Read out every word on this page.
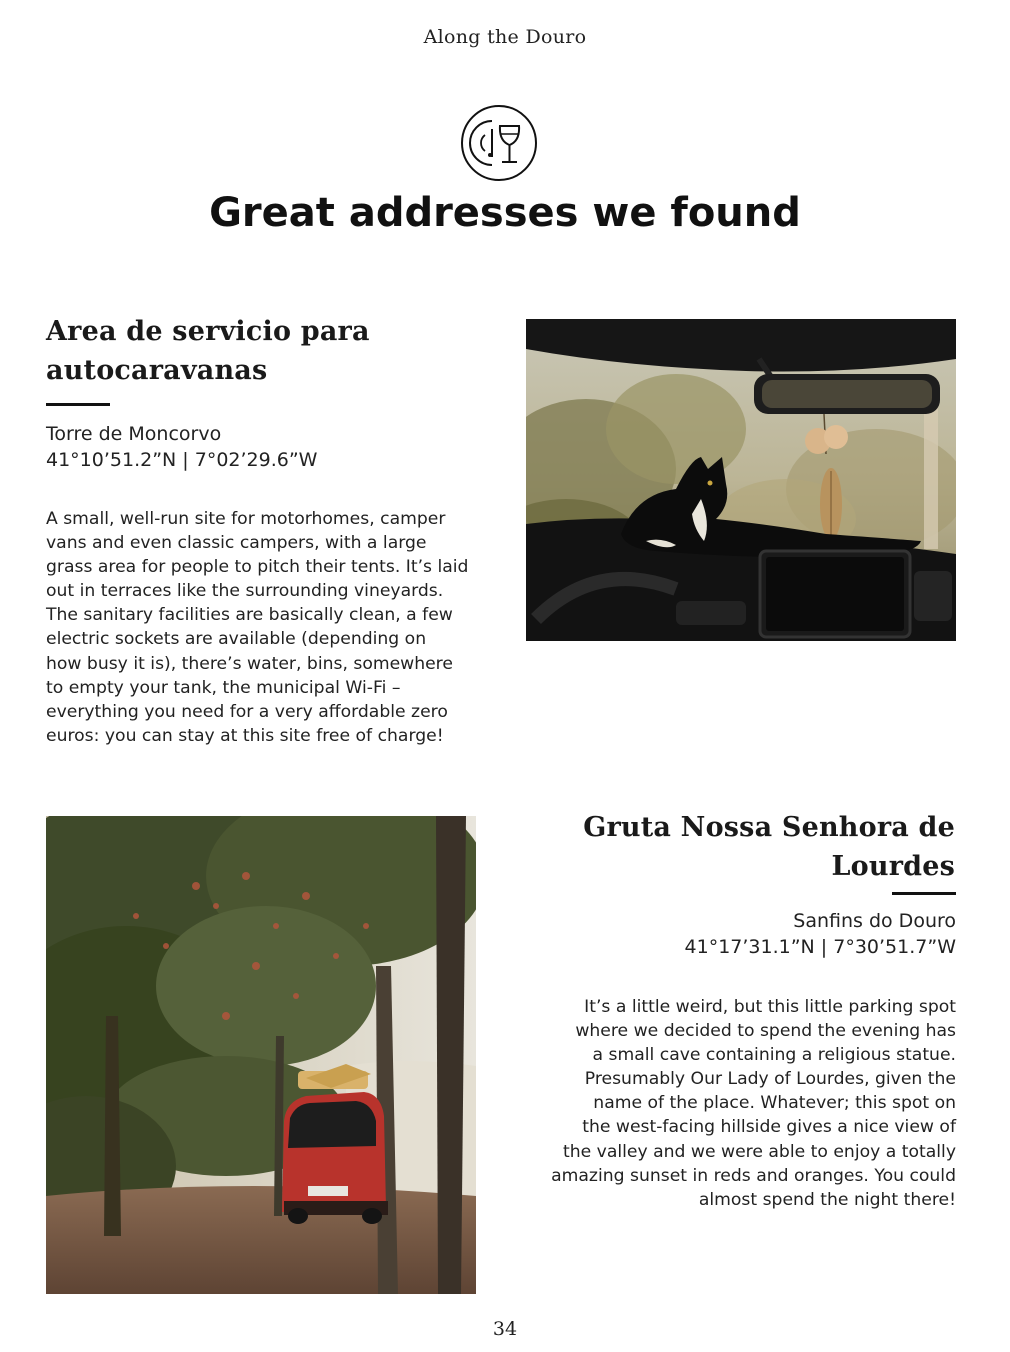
Along the Douro
Great addresses we found
Area de servicio para
autocaravanas
Torre de Moncorvo
41°10’51.2”N | 7°02’29.6”W
A small, well-run site for motorhomes, camper
vans and even classic campers, with a large
grass area for people to pitch their tents. It’s laid
out in terraces like the surrounding vineyards.
The sanitary facilities are basically clean, a few
electric sockets are available (depending on
how busy it is), there’s water, bins, somewhere
to empty your tank, the municipal Wi-Fi –
everything you need for a very affordable zero
euros: you can stay at this site free of charge!
Gruta Nossa Senhora de
Lourdes
Sanfins do Douro
41°17’31.1”N | 7°30’51.7”W
It’s a little weird, but this little parking spot
where we decided to spend the evening has
a small cave containing a religious statue.
Presumably Our Lady of Lourdes, given the
name of the place. Whatever; this spot on
the west-facing hillside gives a nice view of
the valley and we were able to enjoy a totally
amazing sunset in reds and oranges. You could
almost spend the night there!
34
